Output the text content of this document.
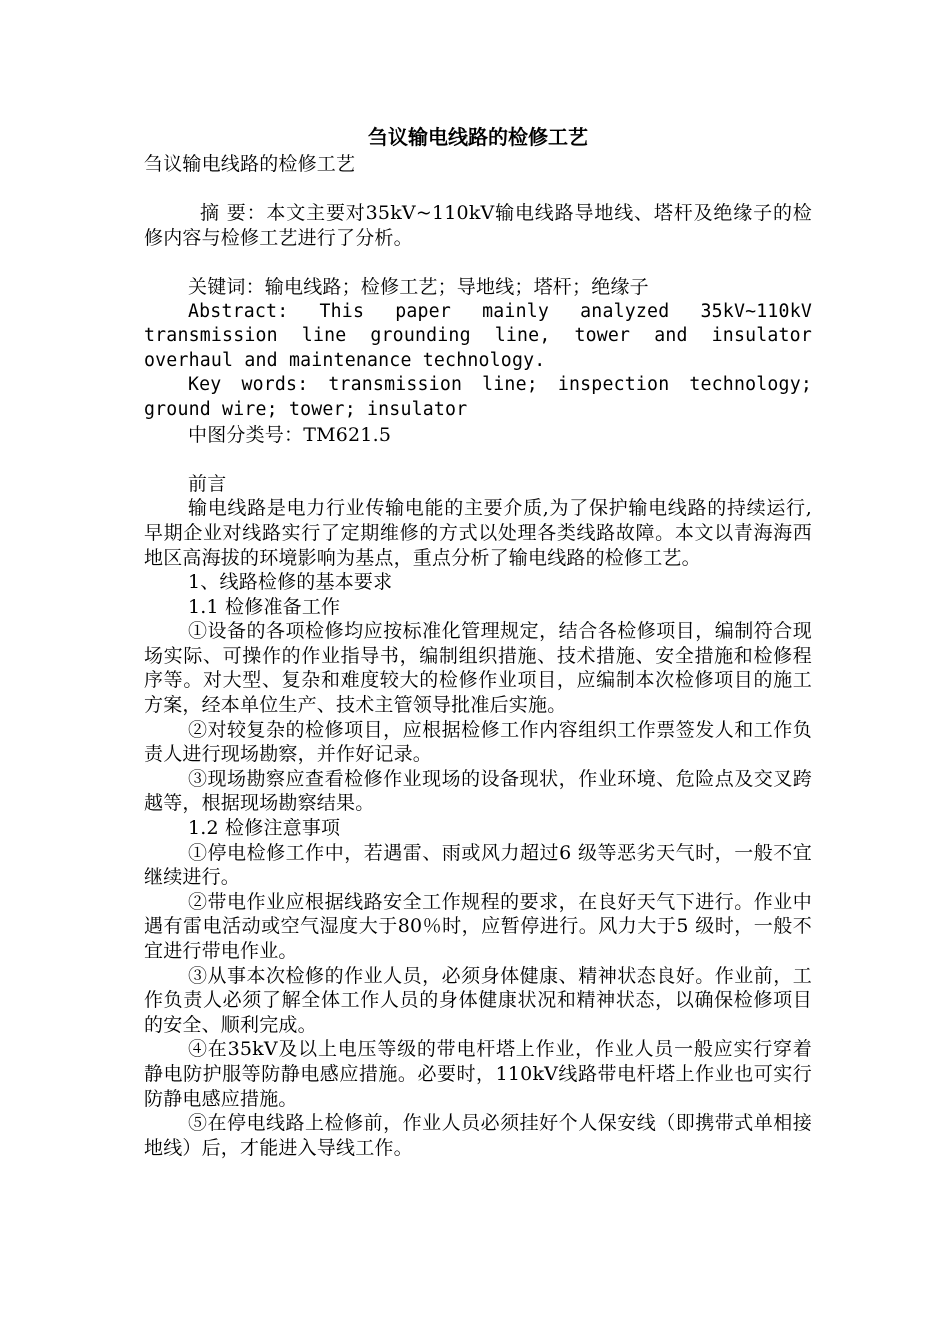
刍议输电线路的检修工艺

刍议输电线路的检修工艺

摘 要：本文主要对35kV~110kV输电线路导地线、塔杆及绝缘子的检修内容与检修工艺进行了分析。

关键词：输电线路；检修工艺；导地线；塔杆；绝缘子

Abstract: This paper mainly analyzed 35kV~110kV transmission line grounding line, tower and insulator overhaul and maintenance technology.

Key words: transmission line; inspection technology; ground wire; tower; insulator

中图分类号：TM621.5

前言

输电线路是电力行业传输电能的主要介质,为了保护输电线路的持续运行,早期企业对线路实行了定期维修的方式以处理各类线路故障。本文以青海海西地区高海拔的环境影响为基点，重点分析了输电线路的检修工艺。

1、线路检修的基本要求

1.1 检修准备工作

①设备的各项检修均应按标准化管理规定，结合各检修项目，编制符合现场实际、可操作的作业指导书，编制组织措施、技术措施、安全措施和检修程序等。对大型、复杂和难度较大的检修作业项目，应编制本次检修项目的施工方案，经本单位生产、技术主管领导批准后实施。

②对较复杂的检修项目，应根据检修工作内容组织工作票签发人和工作负责人进行现场勘察，并作好记录。

③现场勘察应查看检修作业现场的设备现状，作业环境、危险点及交叉跨越等，根据现场勘察结果。

1.2 检修注意事项

①停电检修工作中，若遇雷、雨或风力超过6 级等恶劣天气时，一般不宜继续进行。

②带电作业应根据线路安全工作规程的要求，在良好天气下进行。作业中遇有雷电活动或空气湿度大于80％时，应暂停进行。风力大于5 级时，一般不宜进行带电作业。

③从事本次检修的作业人员，必须身体健康、精神状态良好。作业前，工作负责人必须了解全体工作人员的身体健康状况和精神状态，以确保检修项目的安全、顺利完成。

④在35kV及以上电压等级的带电杆塔上作业，作业人员一般应实行穿着静电防护服等防静电感应措施。必要时，110kV线路带电杆塔上作业也可实行防静电感应措施。

⑤在停电线路上检修前，作业人员必须挂好个人保安线（即携带式单相接地线）后，才能进入导线工作。
